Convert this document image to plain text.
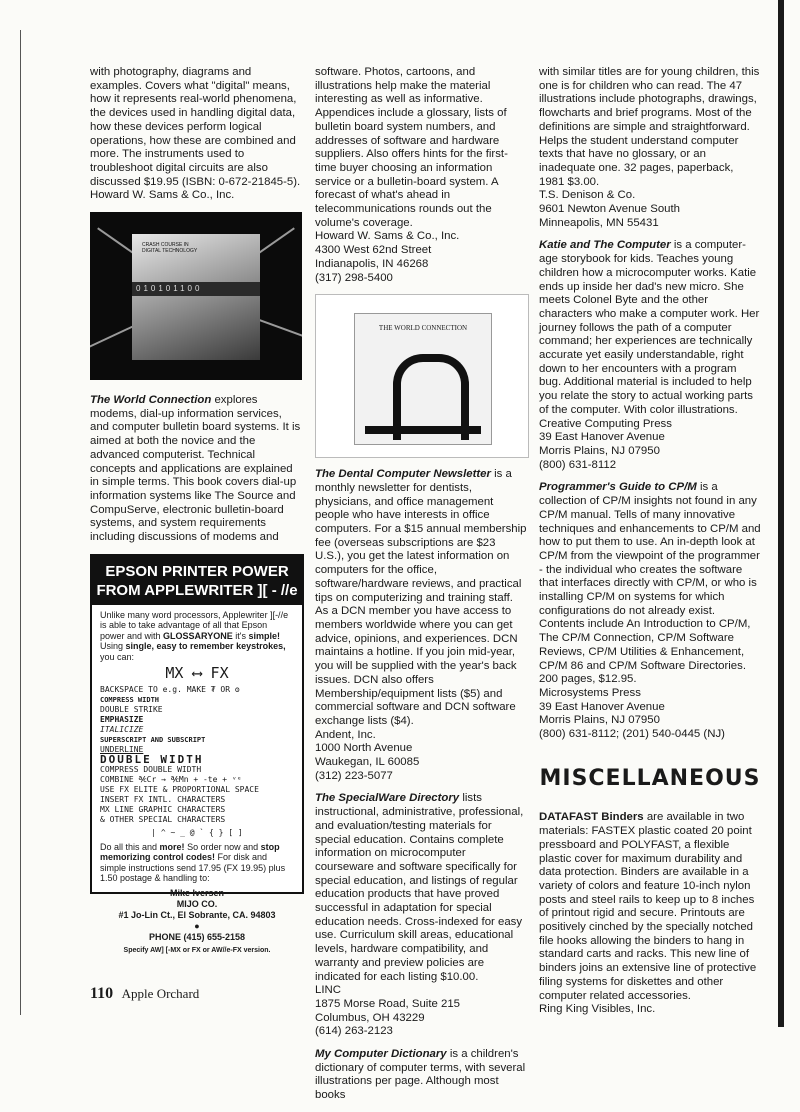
with photography, diagrams and examples. Covers what "digital" means, how it represents real-world phenomena, the devices used in handling digital data, how these devices perform logical operations, how these are combined and more. The instruments used to troubleshoot digital circuits are also discussed $19.95 (ISBN: 0-672-21845-5).

Howard W. Sams & Co., Inc.

CRASH COURSE IN DIGITAL TECHNOLOGY
010101100

The World Connection explores modems, dial-up information services, and computer bulletin board systems. It is aimed at both the novice and the advanced computerist. Technical concepts and applications are explained in simple terms. This book covers dial-up information systems like The Source and CompuServe, electronic bulletin-board systems, and system requirements including discussions of modems and

EPSON PRINTER POWER FROM APPLEWRITER ][ - //e
Unlike many word processors, Applewriter ][-//e is able to take advantage of all that Epson power and with GLOSSARYONE it's simple! Using single, easy to remember keystrokes, you can:
MX ⟷ FX
BACKSPACE TO e.g. MAKE ₮ OR ʘ
COMPRESS WIDTH
DOUBLE STRIKE
EMPHASIZE
ITALICIZE
SUPERSCRIPT AND SUBSCRIPT
UNDERLINE
DOUBLE WIDTH
COMPRESS DOUBLE WIDTH
COMBINE ℀Cr → ℀Mn + -te + ᵛᵉ
USE FX ELITE & PROPORTIONAL SPACE
INSERT FX INTL. CHARACTERS
MX LINE GRAPHIC CHARACTERS
& OTHER SPECIAL CHARACTERS
| ^ ~ _ @ ` { } [ ]
Do all this and more! So order now and stop memorizing control codes! For disk and simple instructions send 17.95 (FX 19.95) plus 1.50 postage & handling to:
Mike Iversen
MIJO CO.
#1 Jo-Lin Ct., El Sobrante, CA. 94803
●
PHONE (415) 655-2158
Specify AW] [-MX or FX or AW//e-FX version.

software. Photos, cartoons, and illustrations help make the material interesting as well as informative. Appendices include a glossary, lists of bulletin board system numbers, and addresses of software and hardware suppliers. Also offers hints for the first-time buyer choosing an information service or a bulletin-board system. A forecast of what's ahead in telecommunications rounds out the volume's coverage.

Howard W. Sams & Co., Inc.
4300 West 62nd Street
Indianapolis, IN 46268
(317) 298-5400
THE WORLD CONNECTION

The Dental Computer Newsletter is a monthly newsletter for dentists, physicians, and office management people who have interests in office computers. For a $15 annual membership fee (overseas subscriptions are $23 U.S.), you get the latest information on computers for the office, software/hardware reviews, and practical tips on computerizing and training staff. As a DCN member you have access to members worldwide where you can get advice, opinions, and experiences. DCN maintains a hotline. If you join mid-year, you will be supplied with the year's back issues. DCN also offers Membership/equipment lists ($5) and commercial software and DCN software exchange lists ($4).

Andent, Inc.
1000 North Avenue
Waukegan, IL 60085
(312) 223-5077

The SpecialWare Directory lists instructional, administrative, professional, and evaluation/testing materials for special education. Contains complete information on microcomputer courseware and software specifically for special education, and listings of regular education products that have proved successful in adaptation for special education needs. Cross-indexed for easy use. Curriculum skill areas, educational levels, hardware compatibility, and warranty and preview policies are indicated for each listing $10.00.

LINC
1875 Morse Road, Suite 215
Columbus, OH 43229
(614) 263-2123

My Computer Dictionary is a children's dictionary of computer terms, with several illustrations per page. Although most books

with similar titles are for young children, this one is for children who can read. The 47 illustrations include photographs, drawings, flowcharts and brief programs. Most of the definitions are simple and straightforward. Helps the student understand computer texts that have no glossary, or an inadequate one. 32 pages, paperback, 1981 $3.00.

T.S. Denison & Co.
9601 Newton Avenue South
Minneapolis, MN 55431

Katie and The Computer is a computer-age storybook for kids. Teaches young children how a microcomputer works. Katie ends up inside her dad's new micro. She meets Colonel Byte and the other characters who make a computer work. Her journey follows the path of a computer command; her experiences are technically accurate yet easily understandable, right down to her encounters with a program bug. Additional material is included to help you relate the story to actual working parts of the computer. With color illustrations.

Creative Computing Press
39 East Hanover Avenue
Morris Plains, NJ 07950
(800) 631-8112

Programmer's Guide to CP/M is a collection of CP/M insights not found in any CP/M manual. Tells of many innovative techniques and enhancements to CP/M and how to put them to use. An in-depth look at CP/M from the viewpoint of the programmer - the individual who creates the software that interfaces directly with CP/M, or who is installing CP/M on systems for which configurations do not already exist. Contents include An Introduction to CP/M, The CP/M Connection, CP/M Software Reviews, CP/M Utilities & Enhancement, CP/M 86 and CP/M Software Directories. 200 pages, $12.95.

Microsystems Press
39 East Hanover Avenue
Morris Plains, NJ 07950
(800) 631-8112; (201) 540-0445 (NJ)
MISCELLANEOUS

DATAFAST Binders are available in two materials: FASTEX plastic coated 20 point pressboard and POLYFAST, a flexible plastic cover for maximum durability and data protection. Binders are available in a variety of colors and feature 10-inch nylon posts and steel rails to keep up to 8 inches of printout rigid and secure. Printouts are positively cinched by the specially notched file hooks allowing the binders to hang in standard carts and racks. This new line of binders joins an extensive line of protective filing systems for diskettes and other computer related accessories.

Ring King Visibles, Inc.
110 Apple Orchard
